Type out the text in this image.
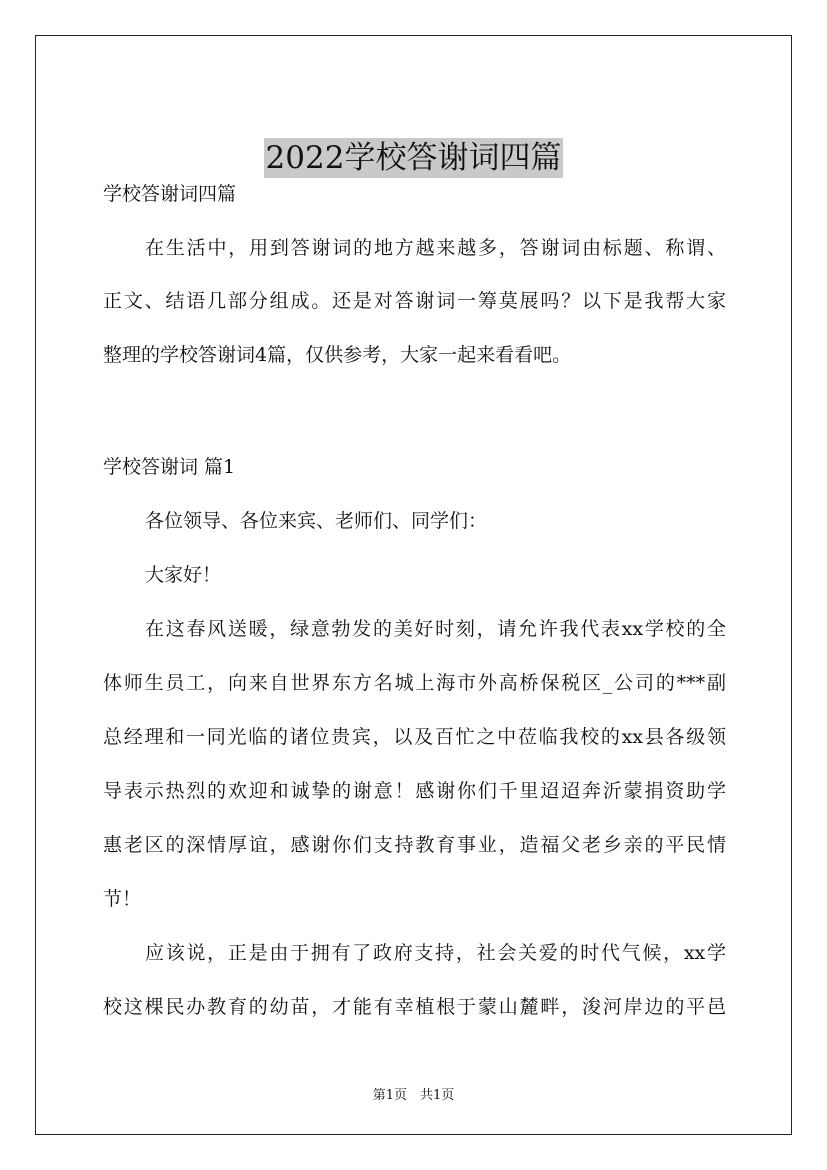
2022学校答谢词四篇
学校答谢词四篇
在生活中，用到答谢词的地方越来越多，答谢词由标题、称谓、
正文、结语几部分组成。还是对答谢词一筹莫展吗？以下是我帮大家
整理的学校答谢词4篇，仅供参考，大家一起来看看吧。
学校答谢词 篇1
各位领导、各位来宾、老师们、同学们：
大家好！
在这春风送暖，绿意勃发的美好时刻，请允许我代表xx学校的全
体师生员工，向来自世界东方名城上海市外高桥保税区_公司的***副
总经理和一同光临的诸位贵宾，以及百忙之中莅临我校的xx县各级领
导表示热烈的欢迎和诚挚的谢意！感谢你们千里迢迢奔沂蒙捐资助学
惠老区的深情厚谊，感谢你们支持教育事业，造福父老乡亲的平民情
节！
应该说，正是由于拥有了政府支持，社会关爱的时代气候，xx学
校这棵民办教育的幼苗，才能有幸植根于蒙山麓畔，浚河岸边的平邑
第1页　共1页
